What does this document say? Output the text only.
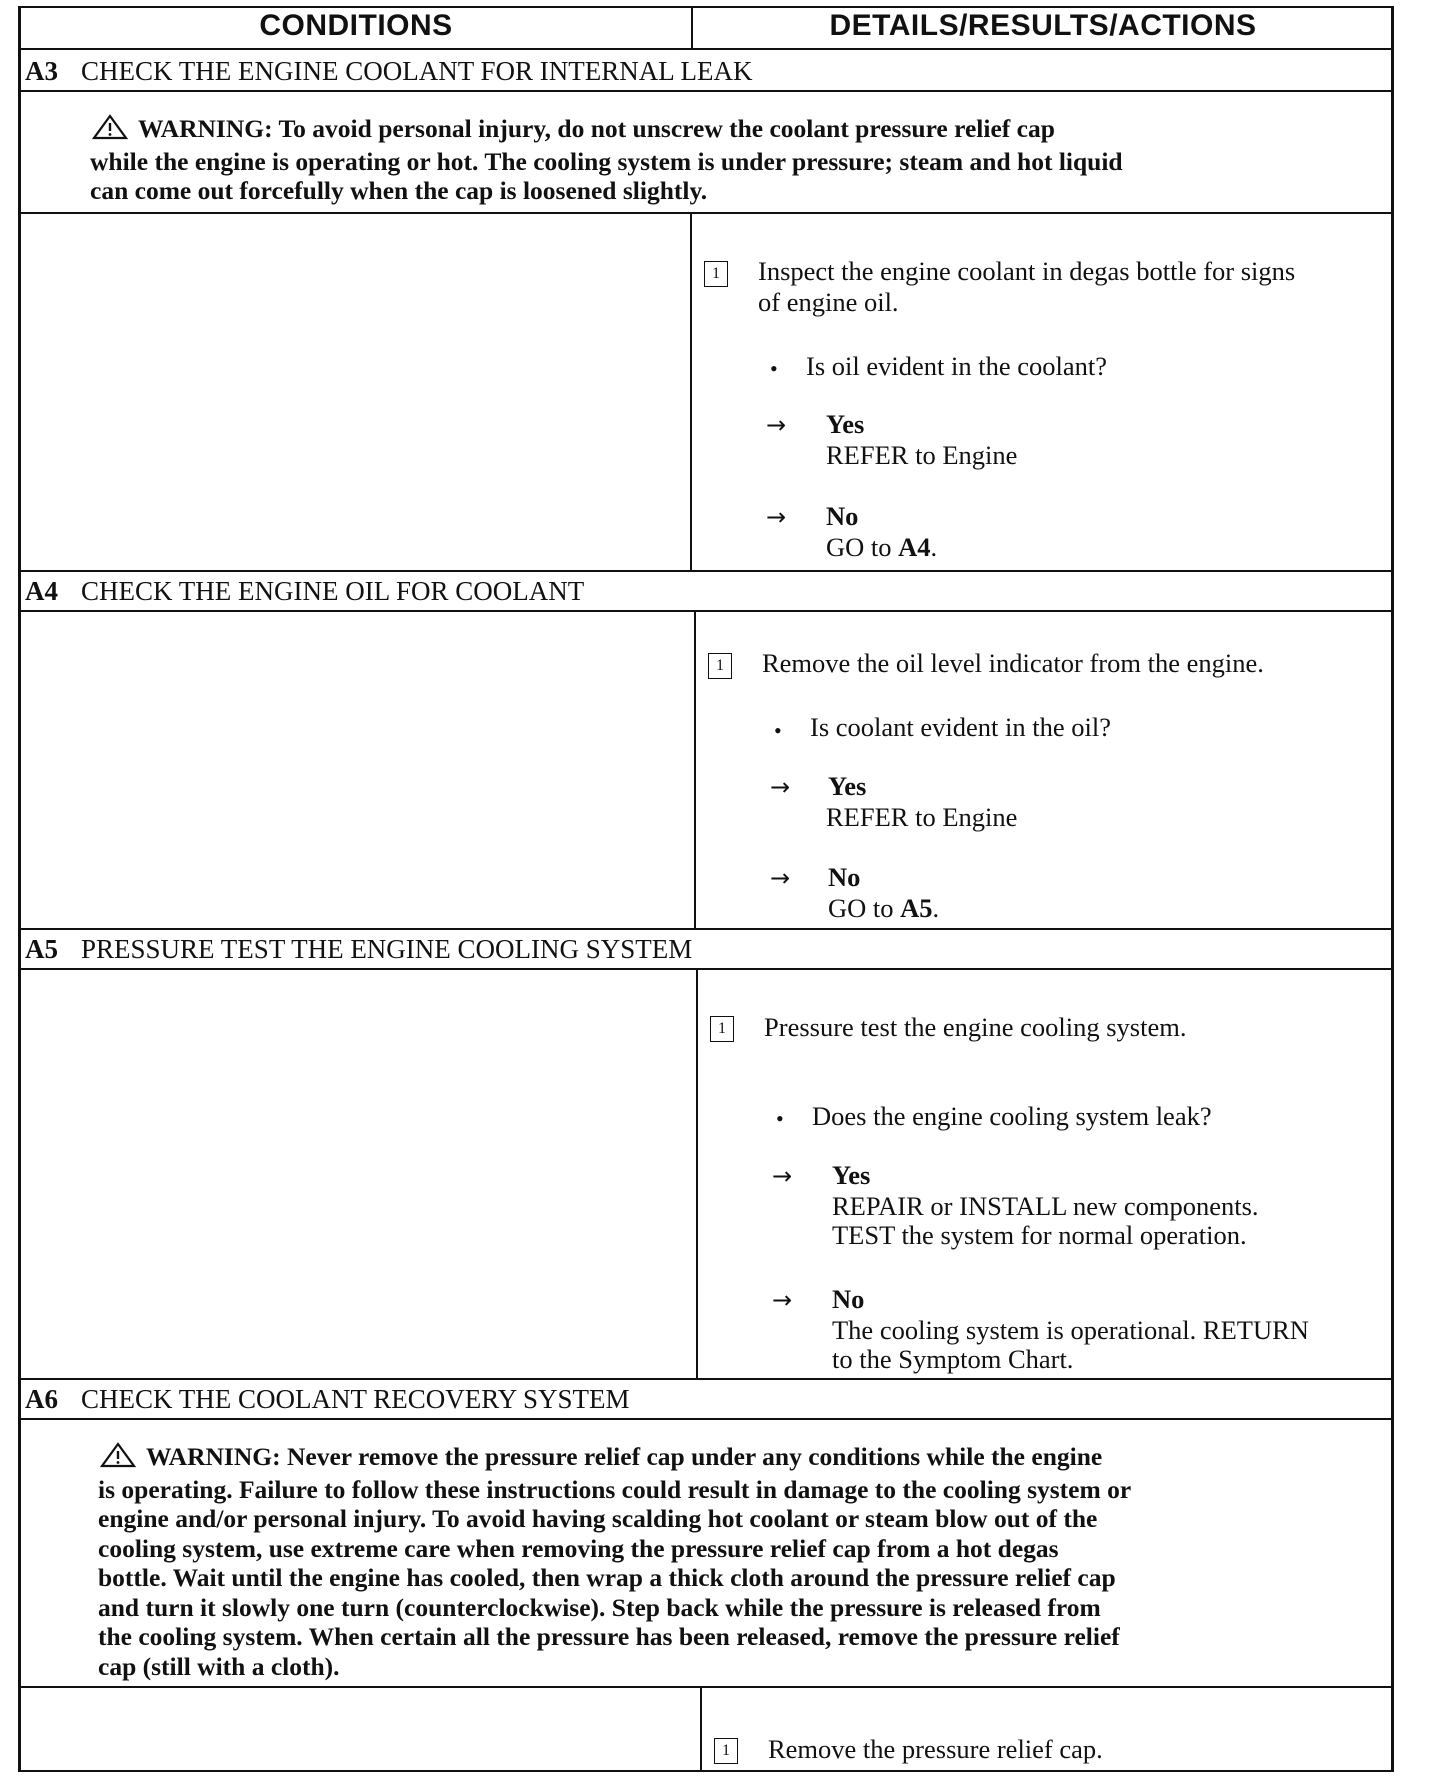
CONDITIONS	DETAILS/RESULTS/ACTIONS
A3 CHECK THE ENGINE COOLANT FOR INTERNAL LEAK
WARNING: To avoid personal injury, do not unscrew the coolant pressure relief cap
while the engine is operating or hot. The cooling system is under pressure; steam and hot liquid
can come out forcefully when the cap is loosened slightly.
1	Inspect the engine coolant in degas bottle for signs
of engine oil.
• Is oil evident in the coolant?
→ Yes
REFER to Engine
→ No
GO to A4.
A4 CHECK THE ENGINE OIL FOR COOLANT
1	Remove the oil level indicator from the engine.
• Is coolant evident in the oil?
→ Yes
REFER to Engine
→ No
GO to A5.
A5 PRESSURE TEST THE ENGINE COOLING SYSTEM
1	Pressure test the engine cooling system.
• Does the engine cooling system leak?
→ Yes
REPAIR or INSTALL new components.
TEST the system for normal operation.
→ No
The cooling system is operational. RETURN
to the Symptom Chart.
A6 CHECK THE COOLANT RECOVERY SYSTEM
WARNING: Never remove the pressure relief cap under any conditions while the engine
is operating. Failure to follow these instructions could result in damage to the cooling system or
engine and/or personal injury. To avoid having scalding hot coolant or steam blow out of the
cooling system, use extreme care when removing the pressure relief cap from a hot degas
bottle. Wait until the engine has cooled, then wrap a thick cloth around the pressure relief cap
and turn it slowly one turn (counterclockwise). Step back while the pressure is released from
the cooling system. When certain all the pressure has been released, remove the pressure relief
cap (still with a cloth).
1	Remove the pressure relief cap.
